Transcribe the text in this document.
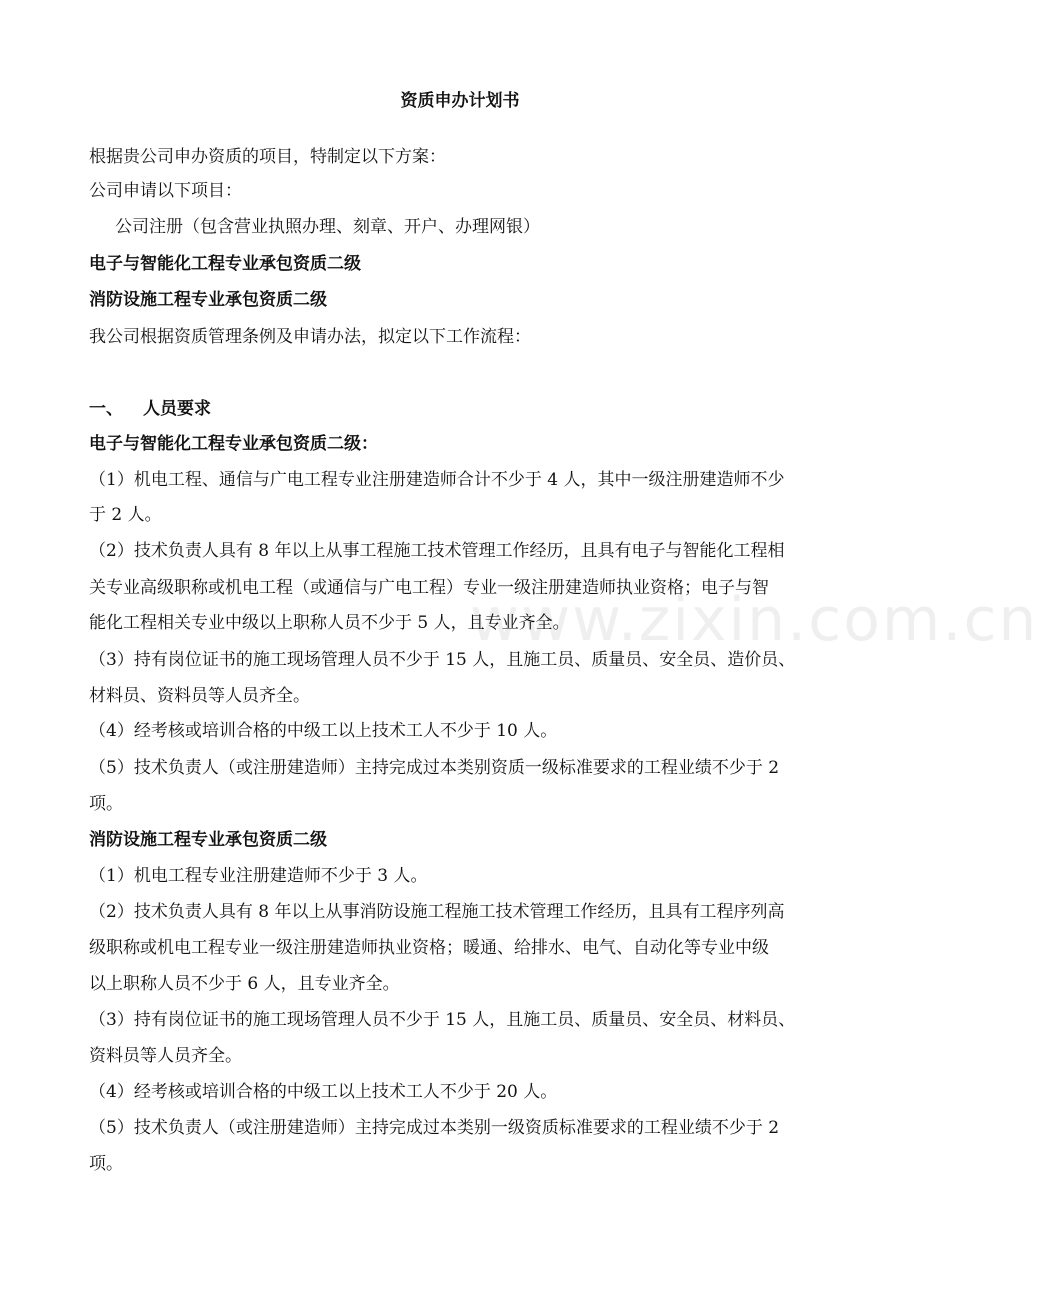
www.zixin.com.cn
资质申办计划书
根据贵公司申办资质的项目，特制定以下方案：
公司申请以下项目：
公司注册（包含营业执照办理、刻章、开户、办理网银）
电子与智能化工程专业承包资质二级
消防设施工程专业承包资质二级
我公司根据资质管理条例及申请办法，拟定以下工作流程：
一、 人员要求
电子与智能化工程专业承包资质二级：
（1）机电工程、通信与广电工程专业注册建造师合计不少于 4 人，其中一级注册建造师不少
于 2 人。
（2）技术负责人具有 8 年以上从事工程施工技术管理工作经历，且具有电子与智能化工程相
关专业高级职称或机电工程（或通信与广电工程）专业一级注册建造师执业资格；电子与智
能化工程相关专业中级以上职称人员不少于 5 人，且专业齐全。
（3）持有岗位证书的施工现场管理人员不少于 15 人，且施工员、质量员、安全员、造价员、
材料员、资料员等人员齐全。
（4）经考核或培训合格的中级工以上技术工人不少于 10 人。
（5）技术负责人（或注册建造师）主持完成过本类别资质一级标准要求的工程业绩不少于 2
项。
消防设施工程专业承包资质二级
（1）机电工程专业注册建造师不少于 3 人。
（2）技术负责人具有 8 年以上从事消防设施工程施工技术管理工作经历，且具有工程序列高
级职称或机电工程专业一级注册建造师执业资格；暖通、给排水、电气、自动化等专业中级
以上职称人员不少于 6 人，且专业齐全。
（3）持有岗位证书的施工现场管理人员不少于 15 人，且施工员、质量员、安全员、材料员、
资料员等人员齐全。
（4）经考核或培训合格的中级工以上技术工人不少于 20 人。
（5）技术负责人（或注册建造师）主持完成过本类别一级资质标准要求的工程业绩不少于 2
项。
